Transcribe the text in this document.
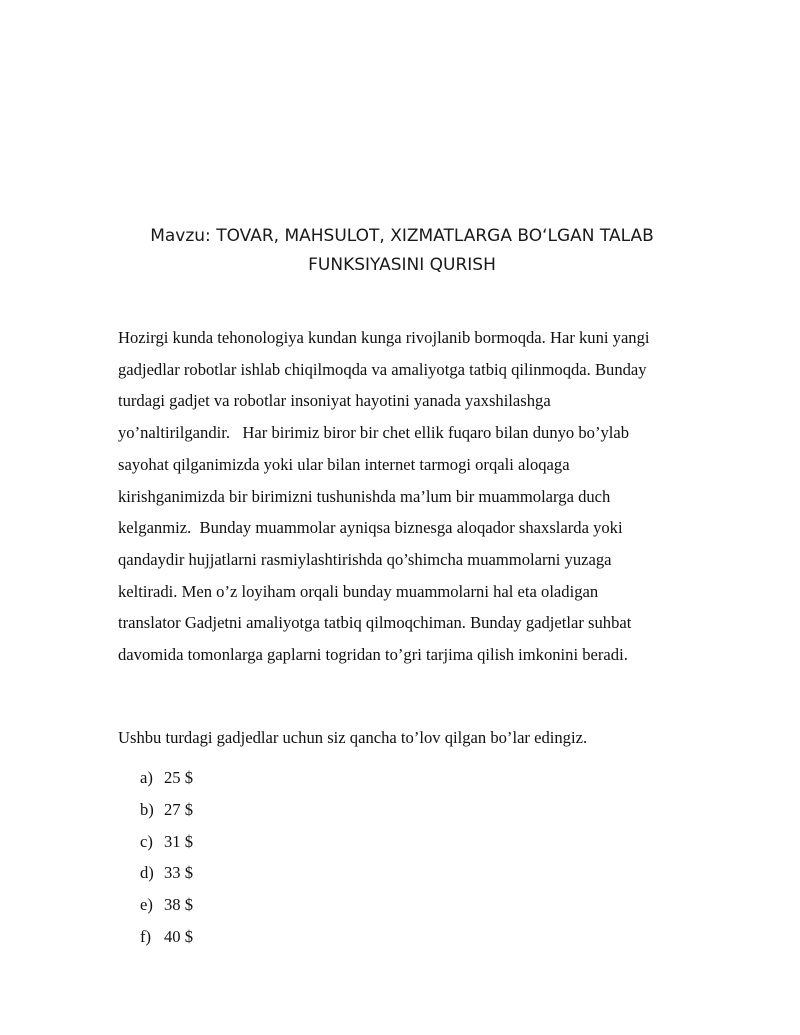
Mavzu: TOVAR, MAHSULOT, XIZMATLARGA BO‘LGAN TALAB
FUNKSIYASINI QURISH
Hozirgi kunda tehonologiya kundan kunga rivojlanib bormoqda. Har kuni yangi
gadjedlar robotlar ishlab chiqilmoqda va amaliyotga tatbiq qilinmoqda. Bunday
turdagi gadjet va robotlar insoniyat hayotini yanada yaxshilashga
yo’naltirilgandir.   Har birimiz biror bir chet ellik fuqaro bilan dunyo bo’ylab
sayohat qilganimizda yoki ular bilan internet tarmogi orqali aloqaga
kirishganimizda bir birimizni tushunishda ma’lum bir muammolarga duch
kelganmiz.  Bunday muammolar ayniqsa biznesga aloqador shaxslarda yoki
qandaydir hujjatlarni rasmiylashtirishda qo’shimcha muammolarni yuzaga
keltiradi. Men o’z loyiham orqali bunday muammolarni hal eta oladigan
translator Gadjetni amaliyotga tatbiq qilmoqchiman. Bunday gadjetlar suhbat
davomida tomonlarga gaplarni togridan to’gri tarjima qilish imkonini beradi.
Ushbu turdagi gadjedlar uchun siz qancha to’lov qilgan bo’lar edingiz.
a) 25 $
b) 27 $
c) 31 $
d) 33 $
e) 38 $
f) 40 $
